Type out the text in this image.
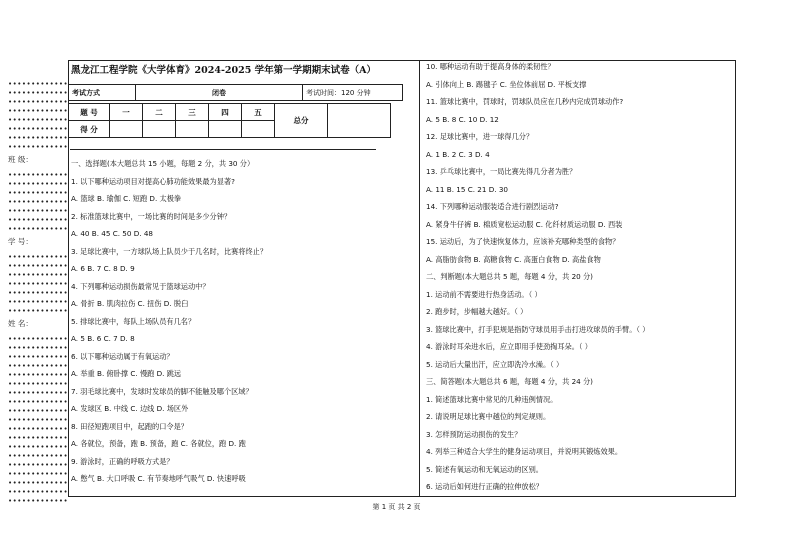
•••••••••••••
•••••••••••••
•••••••••••••
•••••••••••••
•••••••••••••
•••••••••••••
•••••••••••••
•••••••••••••
班 级：
•••••••••••••
•••••••••••••
•••••••••••••
•••••••••••••
•••••••••••••
•••••••••••••
•••••••••••••
学 号：
•••••••••••••
•••••••••••••
•••••••••••••
•••••••••••••
•••••••••••••
•••••••••••••
•••••••••••••
姓 名：
•••••••••••••
•••••••••••••
•••••••••••••
•••••••••••••
•••••••••••••
•••••••••••••
•••••••••••••
•••••••••••••
•••••••••••••
•••••••••••••
•••••••••••••
•••••••••••••
•••••••••••••
•••••••••••••
•••••••••••••
•••••••••••••
•••••••••••••
•••••••••••••
•••••••••••••
黑龙江工程学院《大学体育》2024-2025 学年第一学期期末试卷（A）
考试方式	闭卷	考试时间：120 分钟
题 号	一	二	三	四	五	总分	
得 分							
一、选择题(本大题总共 15 小题，每题 2 分，共 30 分）
1. 以下哪种运动项目对提高心肺功能效果最为显著?
A. 篮球 B. 瑜伽 C. 短跑 D. 太极拳
2. 标准篮球比赛中，一场比赛的时间是多少分钟？
A. 40 B. 45 C. 50 D. 48
3. 足球比赛中，一方球队场上队员少于几名时，比赛将终止？
A. 6 B. 7 C. 8 D. 9
4. 下列哪种运动损伤最常见于篮球运动中？
A. 骨折 B. 肌肉拉伤 C. 扭伤 D. 脱臼
5. 排球比赛中，每队上场队员有几名？
A. 5 B. 6 C. 7 D. 8
6. 以下哪种运动属于有氧运动？
A. 举重 B. 俯卧撑 C. 慢跑 D. 跳远
7. 羽毛球比赛中，发球时发球员的脚不能触及哪个区域？
A. 发球区 B. 中线 C. 边线 D. 场区外
8. 田径短跑项目中，起跑的口令是？
A. 各就位，预备，跑 B. 预备，跑 C. 各就位，跑 D. 跑
9. 游泳时，正确的呼吸方式是？
A. 憋气 B. 大口呼吸 C. 有节奏地呼气吸气 D. 快速呼吸
10. 哪种运动有助于提高身体的柔韧性？
A. 引体向上 B. 踢毽子 C. 坐位体前屈 D. 平板支撑
11. 篮球比赛中，罚球时，罚球队员应在几秒内完成罚球动作?
A. 5 B. 8 C. 10 D. 12
12. 足球比赛中，进一球得几分？
A. 1 B. 2 C. 3 D. 4
13. 乒乓球比赛中，一局比赛先得几分者为胜？
A. 11 B. 15 C. 21 D. 30
14. 下列哪种运动服装适合进行剧烈运动?
A. 紧身牛仔裤 B. 棉质宽松运动服 C. 化纤材质运动服 D. 西装
15. 运动后，为了快速恢复体力，应该补充哪种类型的食物？
A. 高脂肪食物 B. 高糖食物 C. 高蛋白食物 D. 高盐食物
二、判断题(本大题总共 5 题，每题 4 分，共 20 分)
1. 运动前不需要进行热身活动。（ ）
2. 跑步时，步幅越大越好。（ ）
3. 篮球比赛中，打手犯规是指防守球员用手击打进攻球员的手臂。（ ）
4. 游泳时耳朵进水后，应立即用手使劲掏耳朵。（ ）
5. 运动后大量出汗，应立即洗冷水澡。（ ）
三、简答题(本大题总共 6 题，每题 4 分，共 24 分)
1. 简述篮球比赛中常见的几种违例情况。
2. 请说明足球比赛中越位的判定规则。
3. 怎样预防运动损伤的发生？
4. 列举三种适合大学生的健身运动项目，并说明其锻炼效果。
5. 简述有氧运动和无氧运动的区别。
6. 运动后如何进行正确的拉伸放松？
第 1 页 共 2 页
